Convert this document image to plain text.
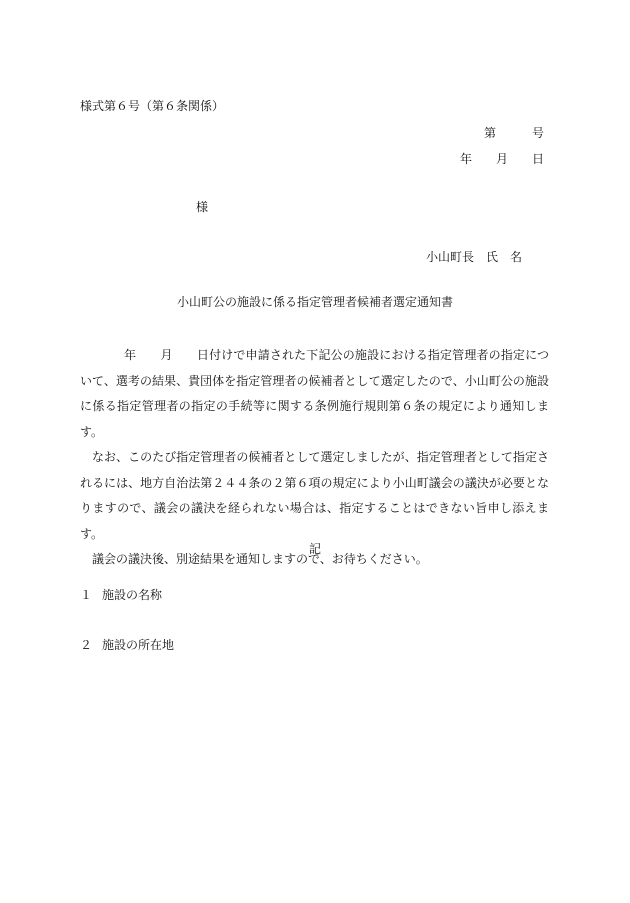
様式第６号（第６条関係）
第　　　号
年　　月　　日
様
小山町長　氏　名
小山町公の施設に係る指定管理者候補者選定通知書

年　　月　　日付けで申請された下記公の施設における指定管理者の指定について、選考の結果、貴団体を指定管理者の候補者として選定したので、小山町公の施設に係る指定管理者の指定の手続等に関する条例施行規則第６条の規定により通知します。

なお、このたび指定管理者の候補者として選定しましたが、指定管理者として指定されるには、地方自治法第２４４条の２第６項の規定により小山町議会の議決が必要となりますので、議会の議決を経られない場合は、指定することはできない旨申し添えます。

議会の議決後、別途結果を通知しますので、お待ちください。

記
１ 施設の名称
２ 施設の所在地
